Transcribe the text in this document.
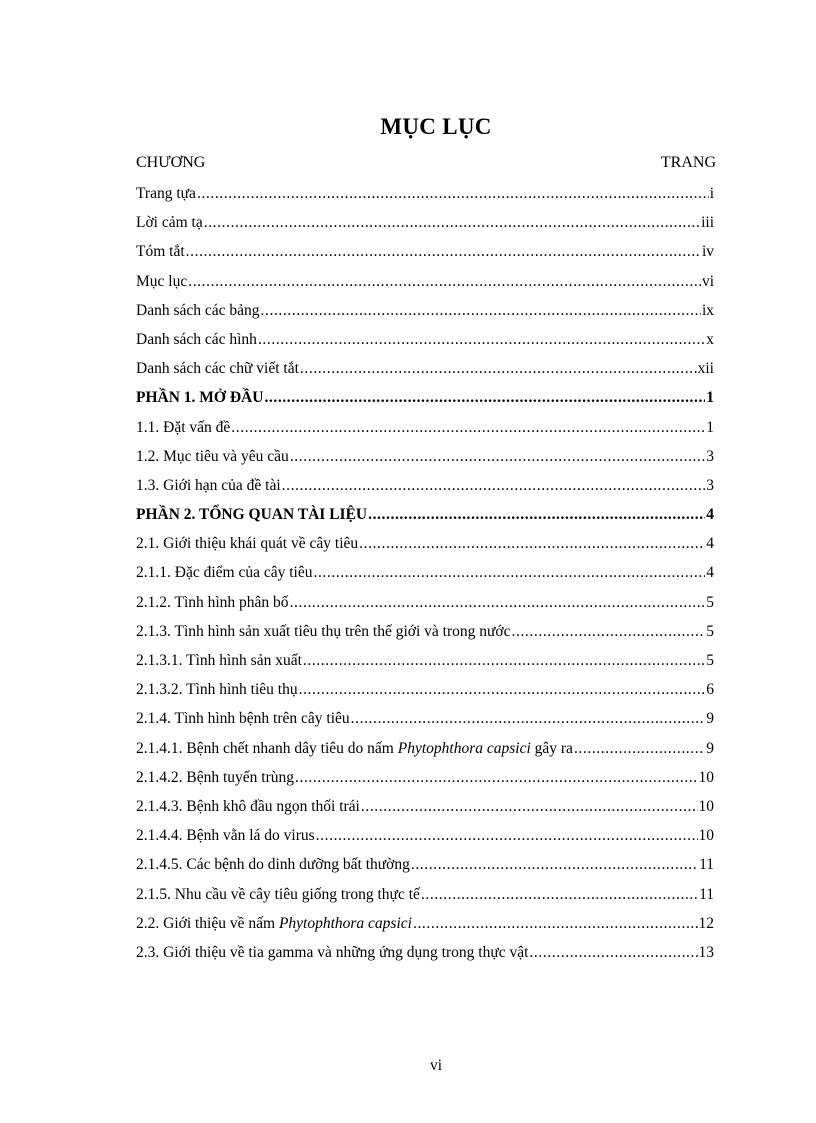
MỤC LỤC
CHƯƠNG	TRANG
Trang tựa .....	i
Lời cảm tạ .....	iii
Tóm tắt .....	iv
Mục lục .....	vi
Danh sách các bảng .....	ix
Danh sách các hình .....	x
Danh sách các chữ viết tắt .....	xii
PHẦN 1. MỞ ĐẦU .....	1
1.1. Đặt vấn đề .....	1
1.2. Mục tiêu và yêu cầu .....	3
1.3. Giới hạn của đề tài .....	3
PHẦN 2. TỔNG QUAN TÀI LIỆU .....	4
2.1. Giới thiệu khái quát về cây tiêu .....	4
2.1.1. Đặc điểm của cây tiêu .....	4
2.1.2. Tình hình phân bố .....	5
2.1.3. Tình hình sản xuất tiêu thụ trên thế giới và trong nước .....	5
2.1.3.1. Tình hình sản xuất .....	5
2.1.3.2. Tình hình tiêu thụ .....	6
2.1.4. Tình hình bệnh trên cây tiêu .....	9
2.1.4.1. Bệnh chết nhanh dây tiêu do nấm Phytophthora capsici gây ra .....	9
2.1.4.2. Bệnh tuyến trùng .....	10
2.1.4.3. Bệnh khô đầu ngọn thối trái .....	10
2.1.4.4. Bệnh vằn lá do virus .....	10
2.1.4.5. Các bệnh do dinh dưỡng bất thường .....	11
2.1.5. Nhu cầu về cây tiêu giống trong thực tế .....	11
2.2. Giới thiệu về nấm Phytophthora capsici .....	12
2.3. Giới thiệu về tia gamma và những ứng dụng trong thực vật .....	13
vi
